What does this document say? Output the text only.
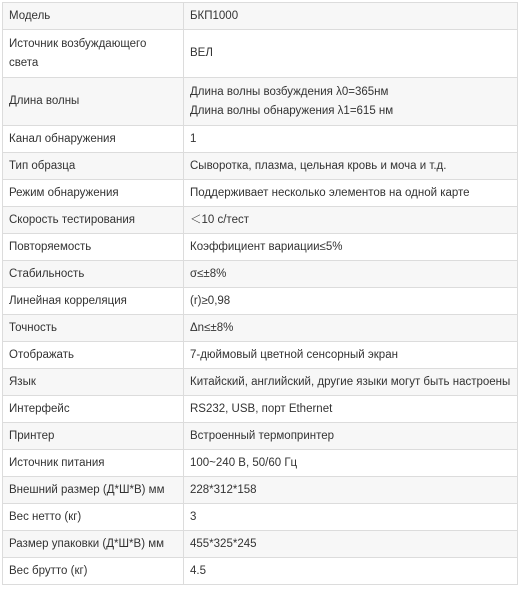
Модель	БКП1000

Источник возбуждающего света	ВЕЛ

Длина волны	Длина волны возбуждения λ0=365нм
Длина волны обнаружения λ1=615 нм

Канал обнаружения	1

Тип образца	Сыворотка, плазма, цельная кровь и моча и т.д.

Режим обнаружения	Поддерживает несколько элементов на одной карте

Скорость тестирования	＜10 с/тест

Повторяемость	Коэффициент вариации≤5%

Стабильность	σ≤±8%

Линейная корреляция	(r)≥0,98

Точность	Δn≤±8%

Отображать	7-дюймовый цветной сенсорный экран

Язык	Китайский, английский, другие языки могут быть настроены

Интерфейс	RS232, USB, порт Ethernet

Принтер	Встроенный термопринтер

Источник питания	100~240 В, 50/60 Гц

Внешний размер (Д*Ш*В) мм	228*312*158

Вес нетто (кг)	3

Размер упаковки (Д*Ш*В) мм	455*325*245

Вес брутто (кг)	4.5
